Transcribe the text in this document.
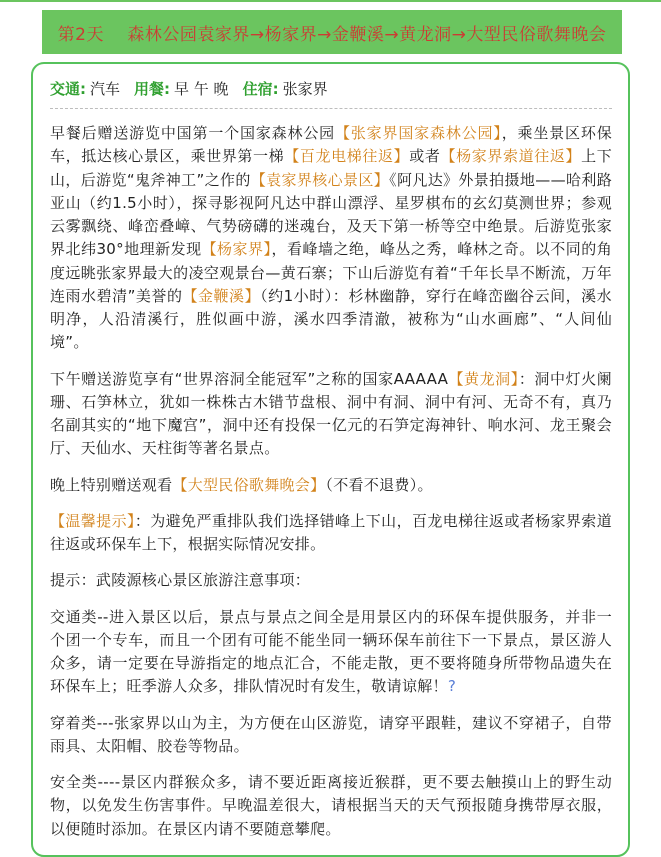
第2天　 森林公园袁家界→杨家界→金鞭溪→黄龙洞→大型民俗歌舞晚会
交通: 汽车 用餐: 早 午 晚 住宿: 张家界

早餐后赠送游览中国第一个国家森林公园【张家界国家森林公园】，乘坐景区环保车，抵达核心景区，乘世界第一梯【百龙电梯往返】或者【杨家界索道往返】上下山，后游览“鬼斧神工”之作的【袁家界核心景区】《阿凡达》外景拍摄地——哈利路亚山（约1.5小时），探寻影视阿凡达中群山漂浮、星罗棋布的玄幻莫测世界；参观云雾飘绕、峰峦叠嶂、气势磅礴的迷魂台，及天下第一桥等空中绝景。后游览张家界北纬30°地理新发现【杨家界】，看峰墙之绝，峰丛之秀，峰林之奇。以不同的角度远眺张家界最大的凌空观景台—黄石寨；下山后游览有着“千年长旱不断流，万年连雨水碧清”美誉的【金鞭溪】（约1小时）：杉林幽静，穿行在峰峦幽谷云间，溪水明净，人沿清溪行，胜似画中游，溪水四季清澈，被称为“山水画廊”、“人间仙境”。

下午赠送游览享有“世界溶洞全能冠军”之称的国家AAAAA【黄龙洞】：洞中灯火阑珊、石笋林立，犹如一株株古木错节盘根、洞中有洞、洞中有河、无奇不有，真乃名副其实的“地下魔宫”，洞中还有投保一亿元的石笋定海神针、响水河、龙王聚会厅、天仙水、天柱街等著名景点。

晚上特别赠送观看【大型民俗歌舞晚会】（不看不退费）。

【温馨提示】：为避免严重排队我们选择错峰上下山，百龙电梯往返或者杨家界索道往返或环保车上下，根据实际情况安排。

提示：武陵源核心景区旅游注意事项：

交通类--进入景区以后，景点与景点之间全是用景区内的环保车提供服务，并非一个团一个专车，而且一个团有可能不能坐同一辆环保车前往下一下景点，景区游人众多，请一定要在导游指定的地点汇合，不能走散，更不要将随身所带物品遗失在环保车上；旺季游人众多，排队情况时有发生，敬请谅解！?

穿着类---张家界以山为主，为方便在山区游览，请穿平跟鞋，建议不穿裙子，自带雨具、太阳帽、胶卷等物品。

安全类----景区内群猴众多，请不要近距离接近猴群，更不要去触摸山上的野生动物，以免发生伤害事件。早晚温差很大，请根据当天的天气预报随身携带厚衣服，以便随时添加。在景区内请不要随意攀爬。
